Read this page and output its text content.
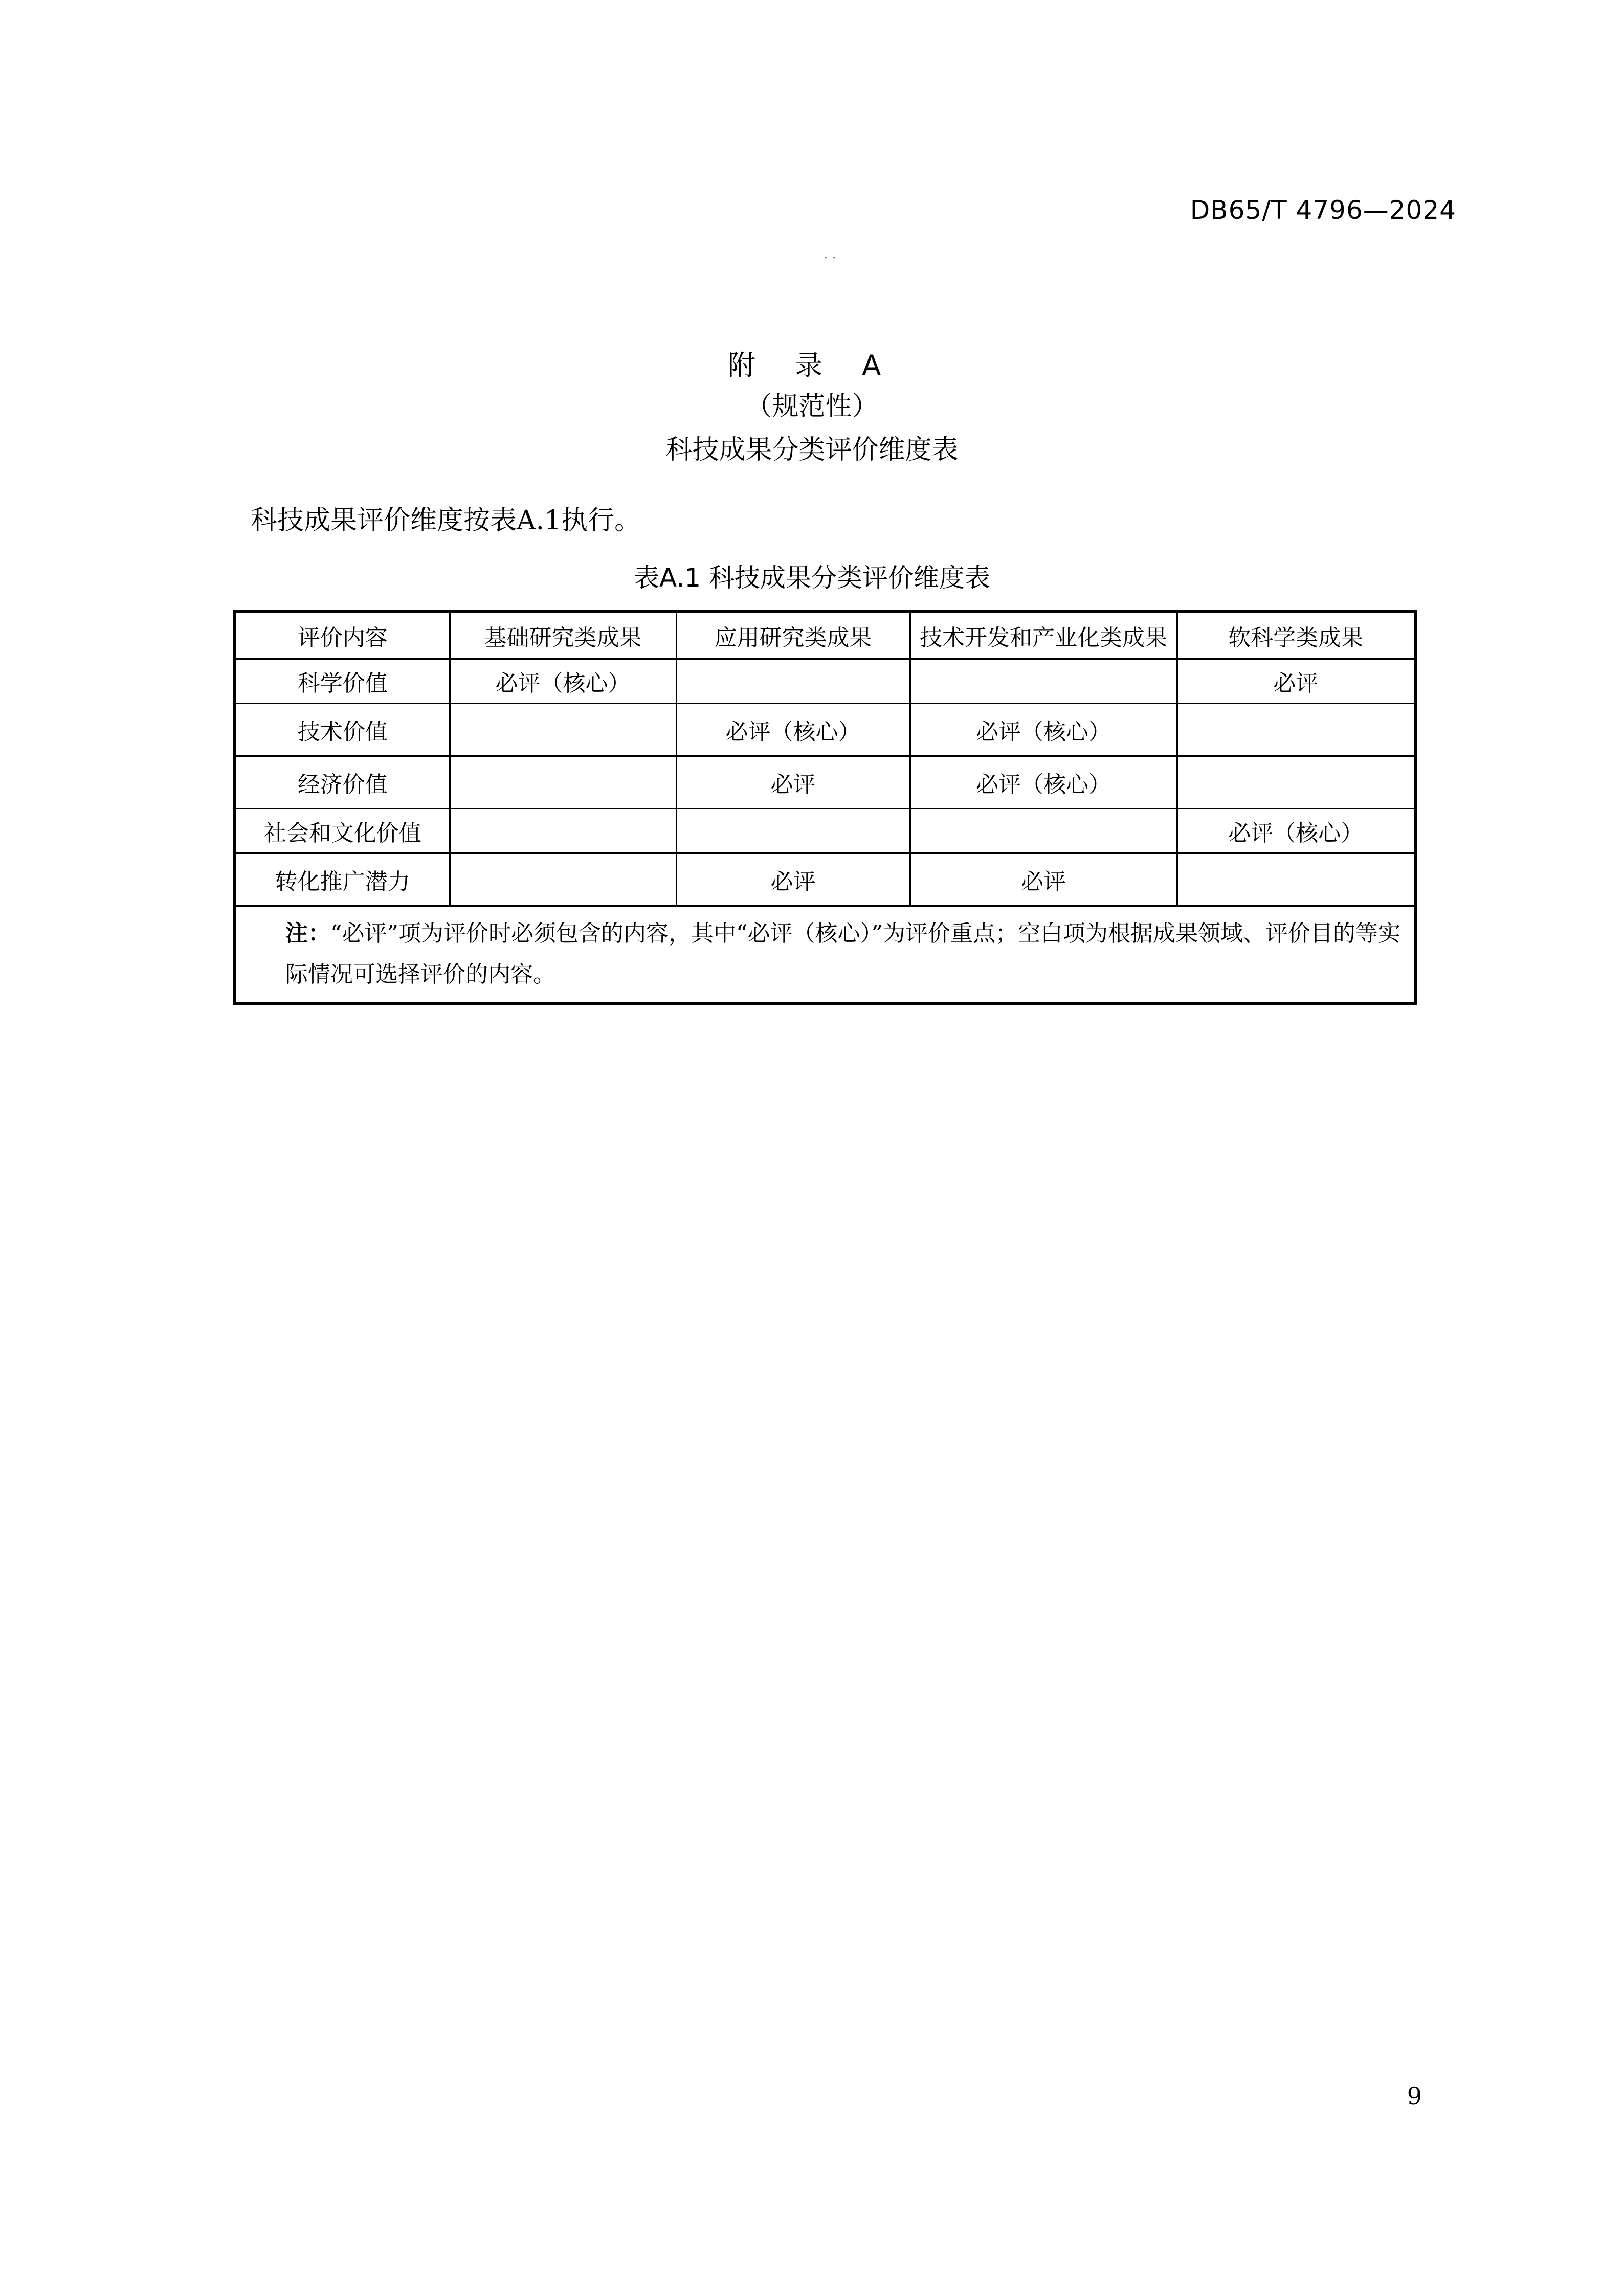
DB65/T 4796—2024
· ·
附 录 A
（规范性）
科技成果分类评价维度表
科技成果评价维度按表A.1执行。
表A.1 科技成果分类评价维度表
评价内容	基础研究类成果	应用研究类成果	技术开发和产业化类成果	软科学类成果
科学价值	必评（核心）			必评
技术价值		必评（核心）	必评（核心）	
经济价值		必评	必评（核心）	
社会和文化价值				必评（核心）
转化推广潜力		必评	必评	
注：“必评”项为评价时必须包含的内容，其中“必评（核心）”为评价重点；空白项为根据成果领域、评价目的等实际情况可选择评价的内容。				
9
